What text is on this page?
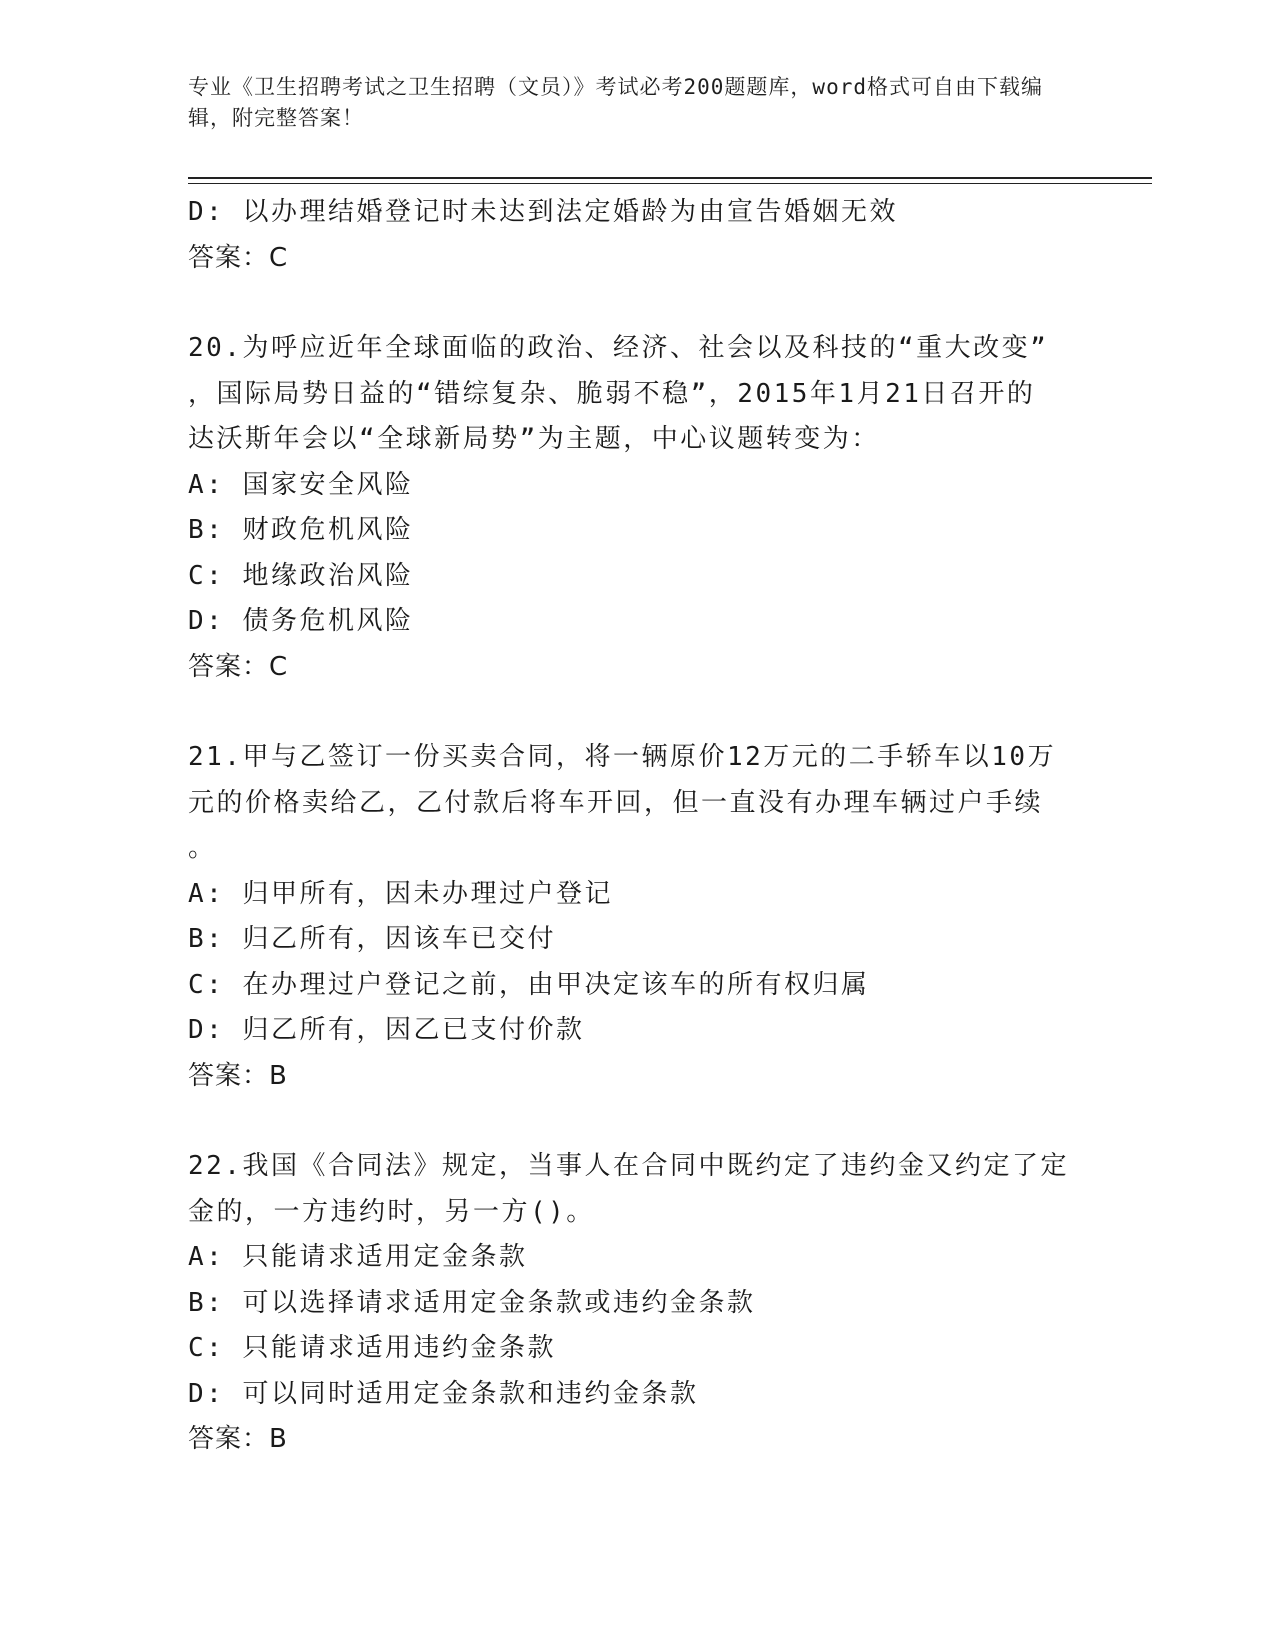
专业《卫生招聘考试之卫生招聘（文员）》考试必考200题题库，word格式可自由下载编辑，附完整答案！
D: 以办理结婚登记时未达到法定婚龄为由宣告婚姻无效
答案：C
20.为呼应近年全球面临的政治、经济、社会以及科技的“重大改变”
，国际局势日益的“错综复杂、脆弱不稳”，2015年1月21日召开的
达沃斯年会以“全球新局势”为主题，中心议题转变为：
A: 国家安全风险
B: 财政危机风险
C: 地缘政治风险
D: 债务危机风险
答案：C
21.甲与乙签订一份买卖合同，将一辆原价12万元的二手轿车以10万
元的价格卖给乙，乙付款后将车开回，但一直没有办理车辆过户手续
。
A: 归甲所有，因未办理过户登记
B: 归乙所有，因该车已交付
C: 在办理过户登记之前，由甲决定该车的所有权归属
D: 归乙所有，因乙已支付价款
答案：B
22.我国《合同法》规定，当事人在合同中既约定了违约金又约定了定
金的，一方违约时，另一方()。
A: 只能请求适用定金条款
B: 可以选择请求适用定金条款或违约金条款
C: 只能请求适用违约金条款
D: 可以同时适用定金条款和违约金条款
答案：B
